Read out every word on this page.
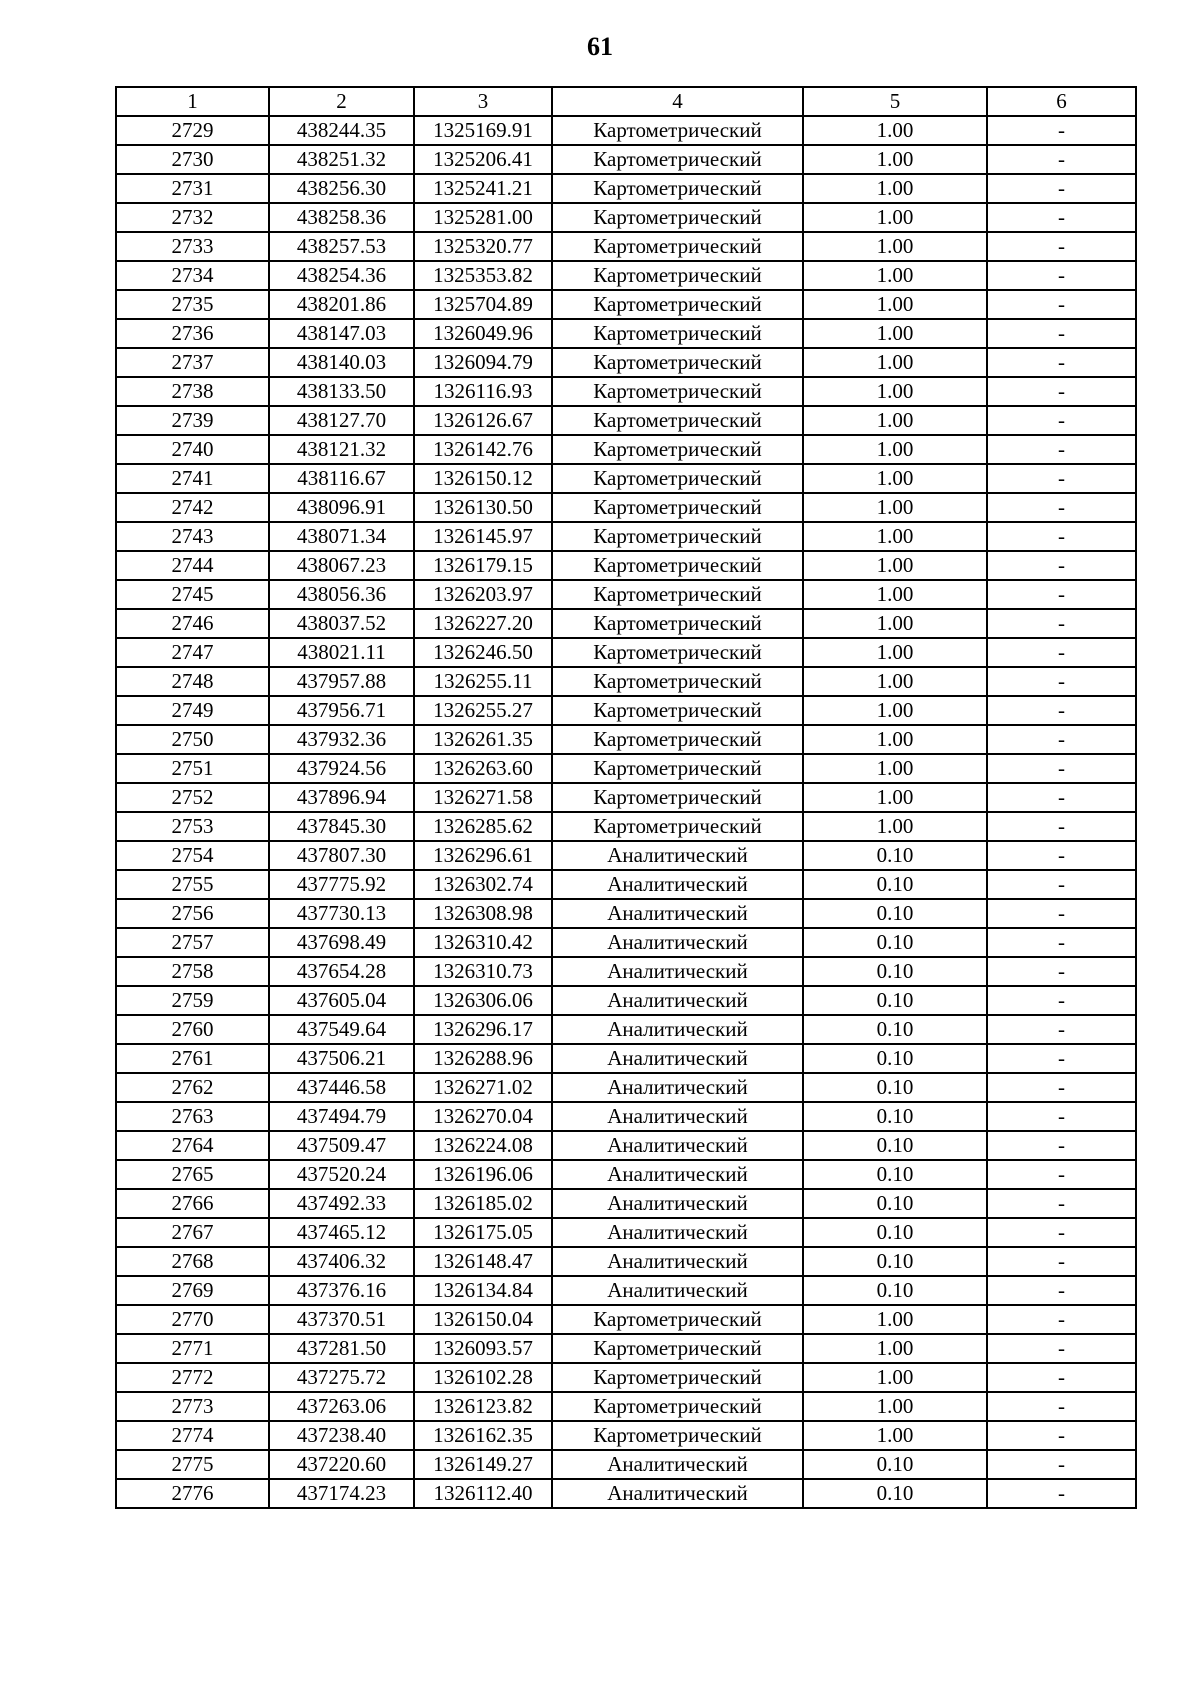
61
1	2	3	4	5	6
2729	438244.35	1325169.91	Картометрический	1.00	-
2730	438251.32	1325206.41	Картометрический	1.00	-
2731	438256.30	1325241.21	Картометрический	1.00	-
2732	438258.36	1325281.00	Картометрический	1.00	-
2733	438257.53	1325320.77	Картометрический	1.00	-
2734	438254.36	1325353.82	Картометрический	1.00	-
2735	438201.86	1325704.89	Картометрический	1.00	-
2736	438147.03	1326049.96	Картометрический	1.00	-
2737	438140.03	1326094.79	Картометрический	1.00	-
2738	438133.50	1326116.93	Картометрический	1.00	-
2739	438127.70	1326126.67	Картометрический	1.00	-
2740	438121.32	1326142.76	Картометрический	1.00	-
2741	438116.67	1326150.12	Картометрический	1.00	-
2742	438096.91	1326130.50	Картометрический	1.00	-
2743	438071.34	1326145.97	Картометрический	1.00	-
2744	438067.23	1326179.15	Картометрический	1.00	-
2745	438056.36	1326203.97	Картометрический	1.00	-
2746	438037.52	1326227.20	Картометрический	1.00	-
2747	438021.11	1326246.50	Картометрический	1.00	-
2748	437957.88	1326255.11	Картометрический	1.00	-
2749	437956.71	1326255.27	Картометрический	1.00	-
2750	437932.36	1326261.35	Картометрический	1.00	-
2751	437924.56	1326263.60	Картометрический	1.00	-
2752	437896.94	1326271.58	Картометрический	1.00	-
2753	437845.30	1326285.62	Картометрический	1.00	-
2754	437807.30	1326296.61	Аналитический	0.10	-
2755	437775.92	1326302.74	Аналитический	0.10	-
2756	437730.13	1326308.98	Аналитический	0.10	-
2757	437698.49	1326310.42	Аналитический	0.10	-
2758	437654.28	1326310.73	Аналитический	0.10	-
2759	437605.04	1326306.06	Аналитический	0.10	-
2760	437549.64	1326296.17	Аналитический	0.10	-
2761	437506.21	1326288.96	Аналитический	0.10	-
2762	437446.58	1326271.02	Аналитический	0.10	-
2763	437494.79	1326270.04	Аналитический	0.10	-
2764	437509.47	1326224.08	Аналитический	0.10	-
2765	437520.24	1326196.06	Аналитический	0.10	-
2766	437492.33	1326185.02	Аналитический	0.10	-
2767	437465.12	1326175.05	Аналитический	0.10	-
2768	437406.32	1326148.47	Аналитический	0.10	-
2769	437376.16	1326134.84	Аналитический	0.10	-
2770	437370.51	1326150.04	Картометрический	1.00	-
2771	437281.50	1326093.57	Картометрический	1.00	-
2772	437275.72	1326102.28	Картометрический	1.00	-
2773	437263.06	1326123.82	Картометрический	1.00	-
2774	437238.40	1326162.35	Картометрический	1.00	-
2775	437220.60	1326149.27	Аналитический	0.10	-
2776	437174.23	1326112.40	Аналитический	0.10	-
